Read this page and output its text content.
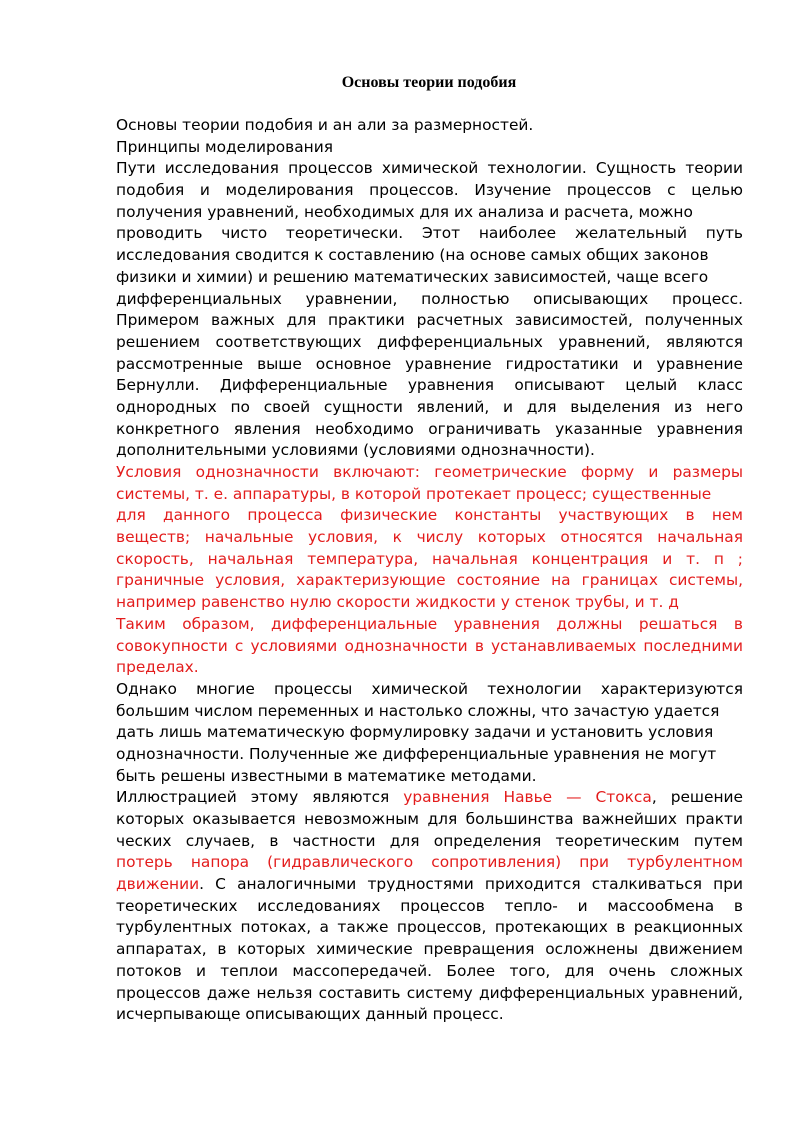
Основы теории подобия
Основы теории подобия и ан али за размерностей.
Принципы моделирования
Пути исследования процессов химической технологии. Сущность теории
подобия и моделирования процессов. Изучение процессов с целью
получения уравнений, необходимых для их анализа и расчета, можно
проводить чисто теоретически. Этот наиболее желательный путь
исследования сводится к составлению (на основе самых общих законов
физики и химии) и решению математических зависимостей, чаще всего
дифференциальных уравнении, полностью описывающих процесс.
Примером важных для практики расчетных зависимостей, полученных
решением соответствующих дифференциальных уравнений, являются
рассмотренные выше основное уравнение гидростатики и уравнение
Бернулли. Дифференциальные уравнения описывают целый класс
однородных по своей сущности явлений, и для выделения из него
конкретного явления необходимо ограничивать указанные уравнения
дополнительными условиями (условиями однозначности).
Условия однозначности включают: геометрические форму и размеры
системы, т. е. аппаратуры, в которой протекает процесс; существенные
для данного процесса физические константы участвующих в нем
веществ; начальные условия, к числу которых относятся начальная
скорость, начальная температура, начальная концентрация и т. п ;
граничные условия, характеризующие состояние на границах системы,
например равенство нулю скорости жидкости у стенок трубы, и т. д
Таким образом, дифференциальные уравнения должны решаться в
совокупности с условиями однозначности в устанавливаемых последними
пределах.
Однако многие процессы химической технологии характеризуются
большим числом переменных и настолько сложны, что зачастую удается
дать лишь математическую формулировку задачи и установить условия
однозначности. Полученные же дифференциальные уравнения не могут
быть решены известными в математике методами.
Иллюстрацией этому являются уравнения Навье — Стокса, решение
которых оказывается невозможным для большинства важнейших практи
ческих случаев, в частности для определения теоретическим путем
потерь напора (гидравлического сопротивления) при турбулентном
движении. С аналогичными трудностями приходится сталкиваться при
теоретических исследованиях процессов тепло- и массообмена в
турбулентных потоках, а также процессов, протекающих в реакционных
аппаратах, в которых химические превращения осложнены движением
потоков и теплои массопередачей. Более того, для очень сложных
процессов даже нельзя составить систему дифференциальных уравнений,
исчерпывающе описывающих данный процесс.
